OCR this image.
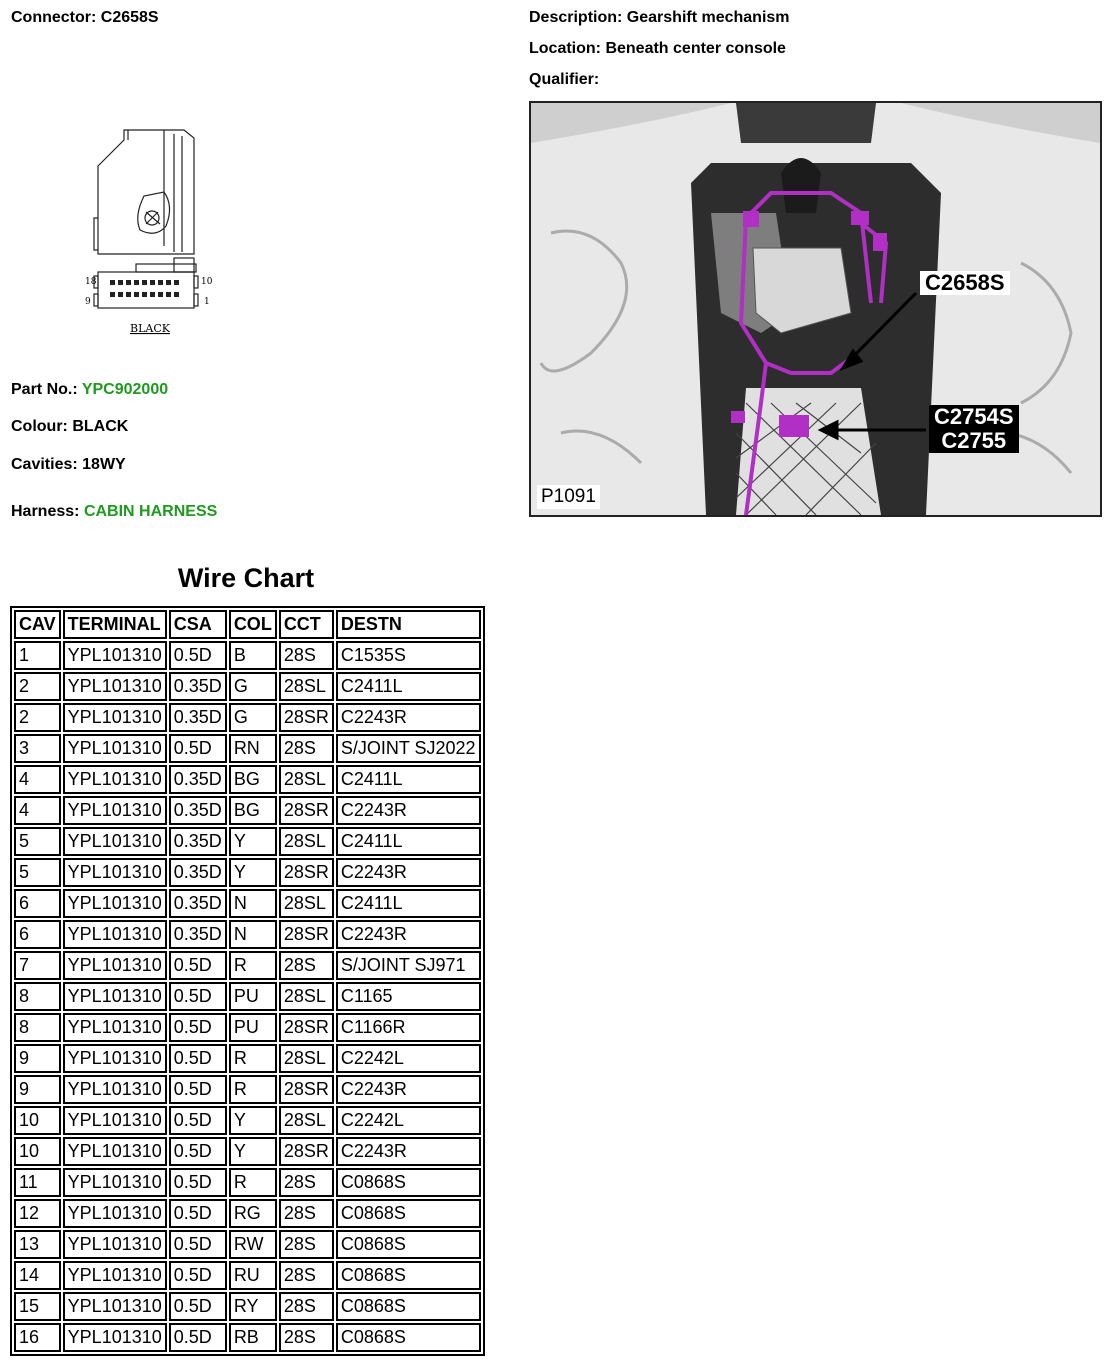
Connector: C2658S	Description: Gearshift mechanism
Location: Beneath center console
Qualifier:
18	10
9	1
BLACK
Part No.: YPC902000
Colour: BLACK
Cavities: 18WY
Harness: CABIN HARNESS
C2658S
C2754S
C2755
P1091
Wire Chart
CAV	TERMINAL	CSA	COL	CCT	DESTN
1	YPL101310	0.5D	B	28S	C1535S
2	YPL101310	0.35D	G	28SL	C2411L
2	YPL101310	0.35D	G	28SR	C2243R
3	YPL101310	0.5D	RN	28S	S/JOINT SJ2022
4	YPL101310	0.35D	BG	28SL	C2411L
4	YPL101310	0.35D	BG	28SR	C2243R
5	YPL101310	0.35D	Y	28SL	C2411L
5	YPL101310	0.35D	Y	28SR	C2243R
6	YPL101310	0.35D	N	28SL	C2411L
6	YPL101310	0.35D	N	28SR	C2243R
7	YPL101310	0.5D	R	28S	S/JOINT SJ971
8	YPL101310	0.5D	PU	28SL	C1165
8	YPL101310	0.5D	PU	28SR	C1166R
9	YPL101310	0.5D	R	28SL	C2242L
9	YPL101310	0.5D	R	28SR	C2243R
10	YPL101310	0.5D	Y	28SL	C2242L
10	YPL101310	0.5D	Y	28SR	C2243R
11	YPL101310	0.5D	R	28S	C0868S
12	YPL101310	0.5D	RG	28S	C0868S
13	YPL101310	0.5D	RW	28S	C0868S
14	YPL101310	0.5D	RU	28S	C0868S
15	YPL101310	0.5D	RY	28S	C0868S
16	YPL101310	0.5D	RB	28S	C0868S
